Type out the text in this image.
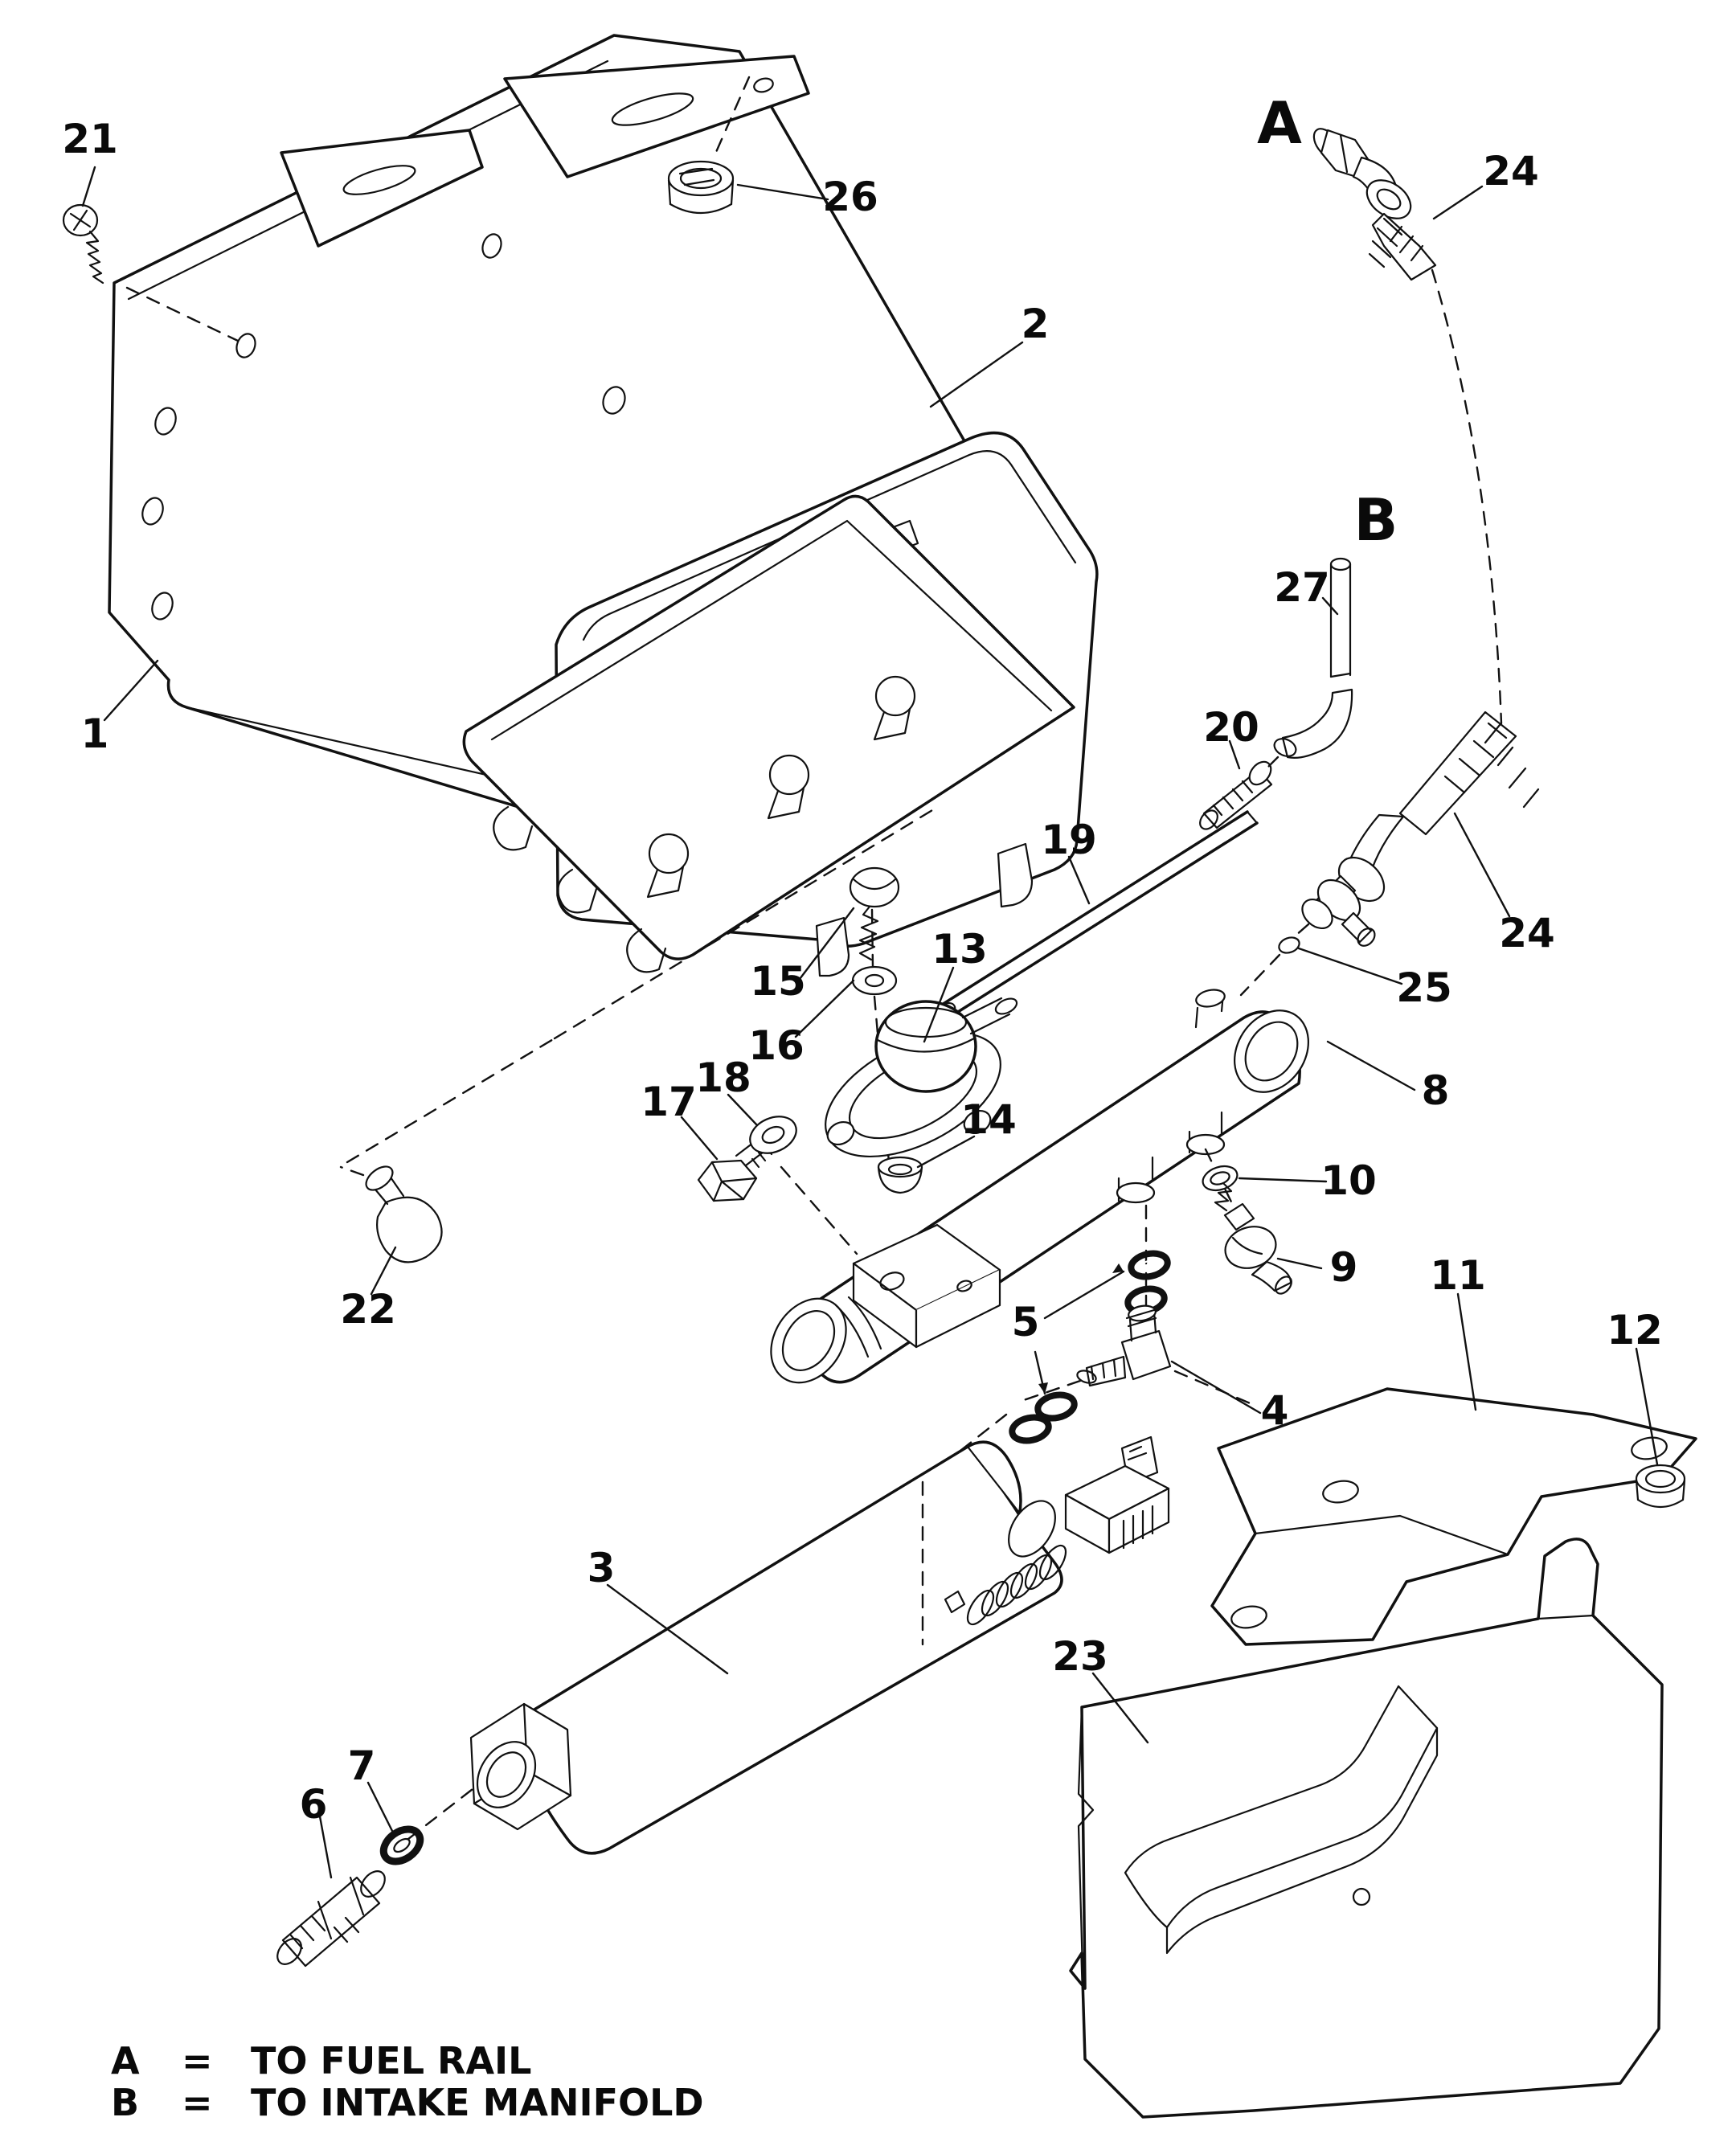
21
1
26
2
A
24
B
27
20
24
25
19
13
15
16
18
17	14
8
10
9 11
12
5
4
22
3
23
7
6
A = TO FUEL RAIL
B = TO INTAKE MANIFOLD
